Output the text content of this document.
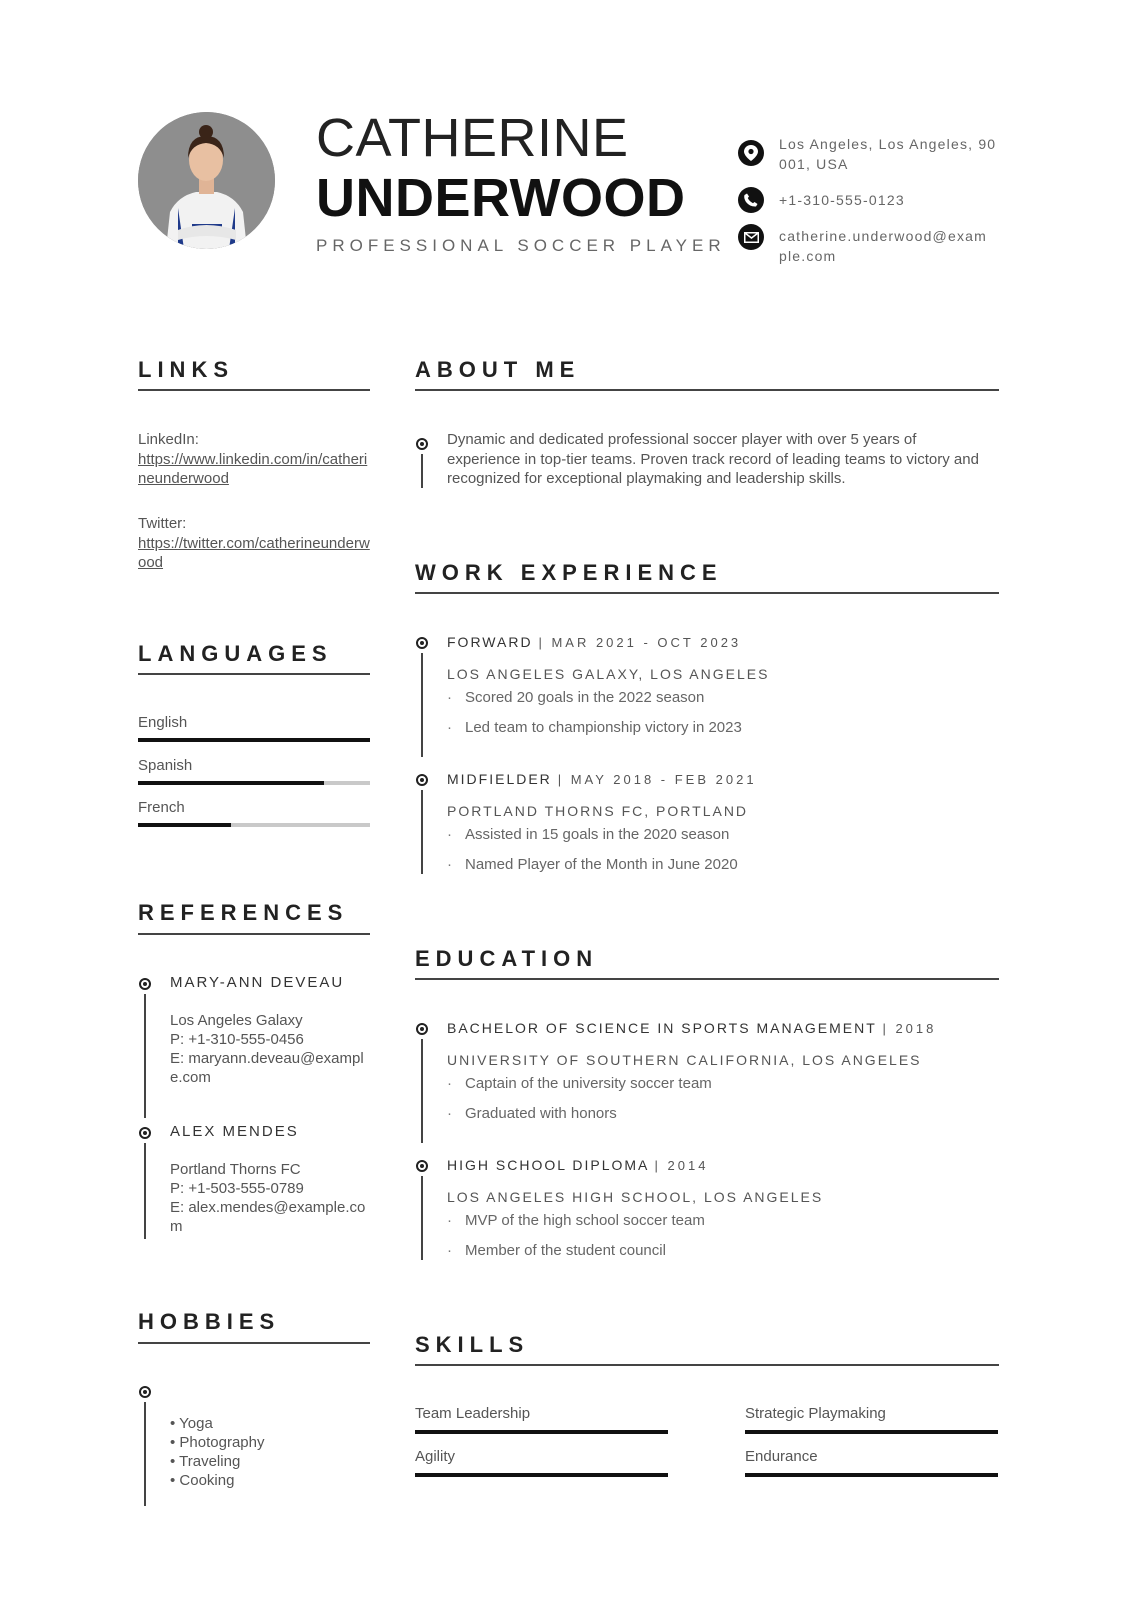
CATHERINE
UNDERWOOD
PROFESSIONAL SOCCER PLAYER
Los Angeles, Los Angeles, 90001, USA
+1-310-555-0123
catherine.underwood@example.com
LINKS
LinkedIn:
https://www.linkedin.com/in/catherineunderwood
Twitter:
https://twitter.com/catherineunderwood
LANGUAGES
English
Spanish
French
REFERENCES
MARY-ANN DEVEAU
Los Angeles Galaxy
P: +1-310-555-0456
E: maryann.deveau@example.com
ALEX MENDES
Portland Thorns FC
P: +1-503-555-0789
E: alex.mendes@example.com
HOBBIES
• Yoga
• Photography
• Traveling
• Cooking
ABOUT ME
Dynamic and dedicated professional soccer player with over 5 years of experience in top-tier teams. Proven track record of leading teams to victory and recognized for exceptional playmaking and leadership skills.
WORK EXPERIENCE
FORWARD | MAR 2021 - OCT 2023
LOS ANGELES GALAXY, LOS ANGELES
· Scored 20 goals in the 2022 season
· Led team to championship victory in 2023
MIDFIELDER | MAY 2018 - FEB 2021
PORTLAND THORNS FC, PORTLAND
· Assisted in 15 goals in the 2020 season
· Named Player of the Month in June 2020
EDUCATION
BACHELOR OF SCIENCE IN SPORTS MANAGEMENT | 2018
UNIVERSITY OF SOUTHERN CALIFORNIA, LOS ANGELES
· Captain of the university soccer team
· Graduated with honors
HIGH SCHOOL DIPLOMA | 2014
LOS ANGELES HIGH SCHOOL, LOS ANGELES
· MVP of the high school soccer team
· Member of the student council
SKILLS
Team Leadership	Strategic Playmaking
Agility	Endurance
